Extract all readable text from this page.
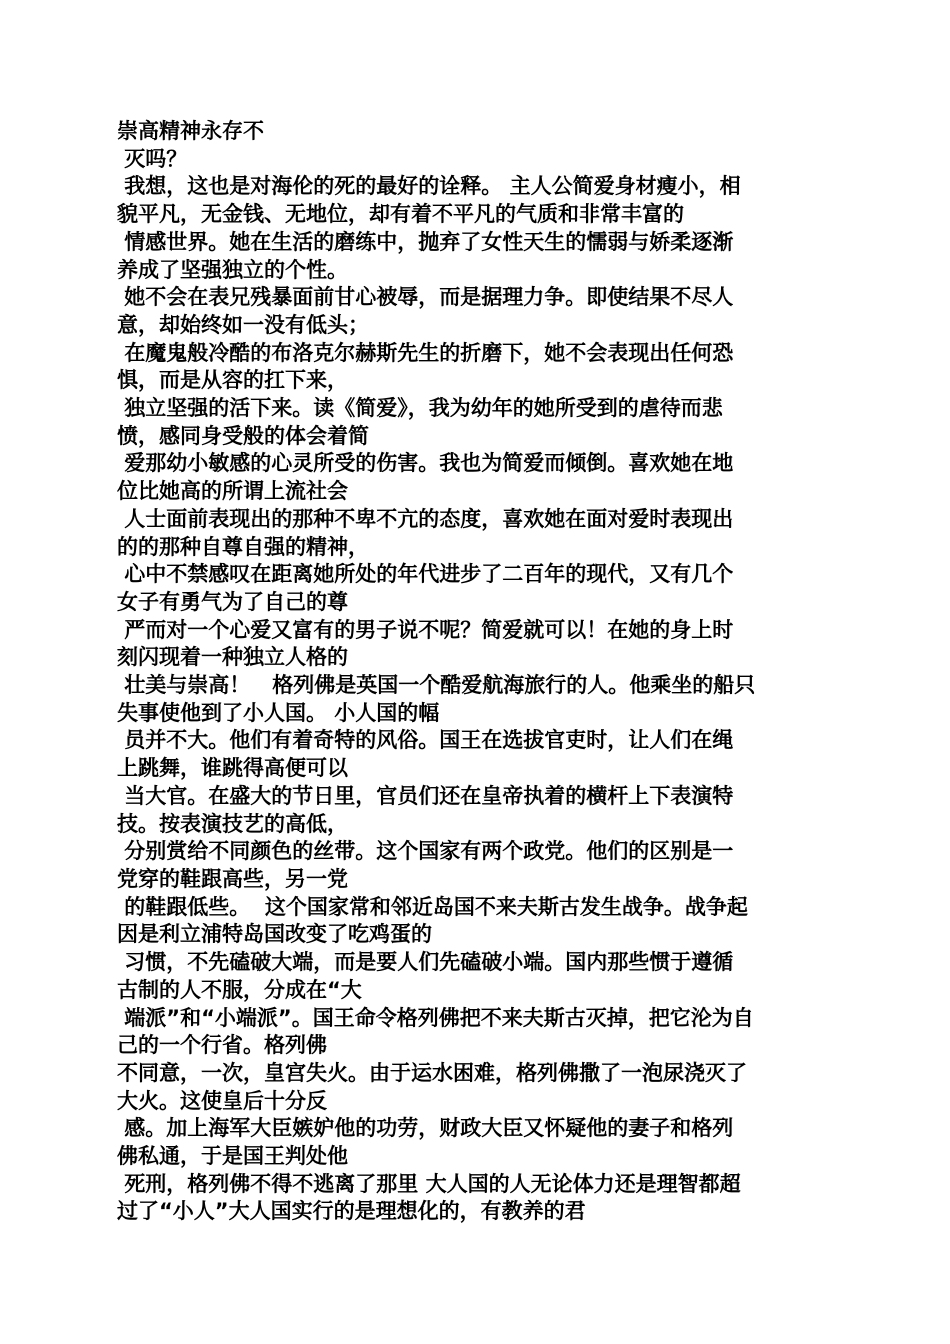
崇高精神永存不
灭吗？
我想，这也是对海伦的死的最好的诠释。 主人公简爱身材瘦小，相
貌平凡，无金钱、无地位，却有着不平凡的气质和非常丰富的
情感世界。她在生活的磨练中，抛弃了女性天生的懦弱与娇柔逐渐
养成了坚强独立的个性。
她不会在表兄残暴面前甘心被辱，而是据理力争。即使结果不尽人
意，却始终如一没有低头；
在魔鬼般冷酷的布洛克尔赫斯先生的折磨下，她不会表现出任何恐
惧，而是从容的扛下来，
独立坚强的活下来。读《简爱》，我为幼年的她所受到的虐待而悲
愤，感同身受般的体会着简
爱那幼小敏感的心灵所受的伤害。我也为简爱而倾倒。喜欢她在地
位比她高的所谓上流社会
人士面前表现出的那种不卑不亢的态度，喜欢她在面对爱时表现出
的的那种自尊自强的精神，
心中不禁感叹在距离她所处的年代进步了二百年的现代，又有几个
女子有勇气为了自己的尊
严而对一个心爱又富有的男子说不呢？简爱就可以！在她的身上时
刻闪现着一种独立人格的
壮美与崇高！   格列佛是英国一个酷爱航海旅行的人。他乘坐的船只
失事使他到了小人国。 小人国的幅
员并不大。他们有着奇特的风俗。国王在选拔官吏时，让人们在绳
上跳舞，谁跳得高便可以
当大官。在盛大的节日里，官员们还在皇帝执着的横杆上下表演特
技。按表演技艺的高低，
分别赏给不同颜色的丝带。这个国家有两个政党。他们的区别是一
党穿的鞋跟高些，另一党
的鞋跟低些。  这个国家常和邻近岛国不来夫斯古发生战争。战争起
因是利立浦特岛国改变了吃鸡蛋的
习惯，不先磕破大端，而是要人们先磕破小端。国内那些惯于遵循
古制的人不服，分成在“大
端派”和“小端派”。国王命令格列佛把不来夫斯古灭掉，把它沦为自
己的一个行省。格列佛
不同意，一次，皇宫失火。由于运水困难，格列佛撒了一泡尿浇灭了
大火。这使皇后十分反
感。加上海军大臣嫉妒他的功劳，财政大臣又怀疑他的妻子和格列
佛私通，于是国王判处他
死刑，格列佛不得不逃离了那里 大人国的人无论体力还是理智都超
过了“小人”大人国实行的是理想化的，有教养的君
